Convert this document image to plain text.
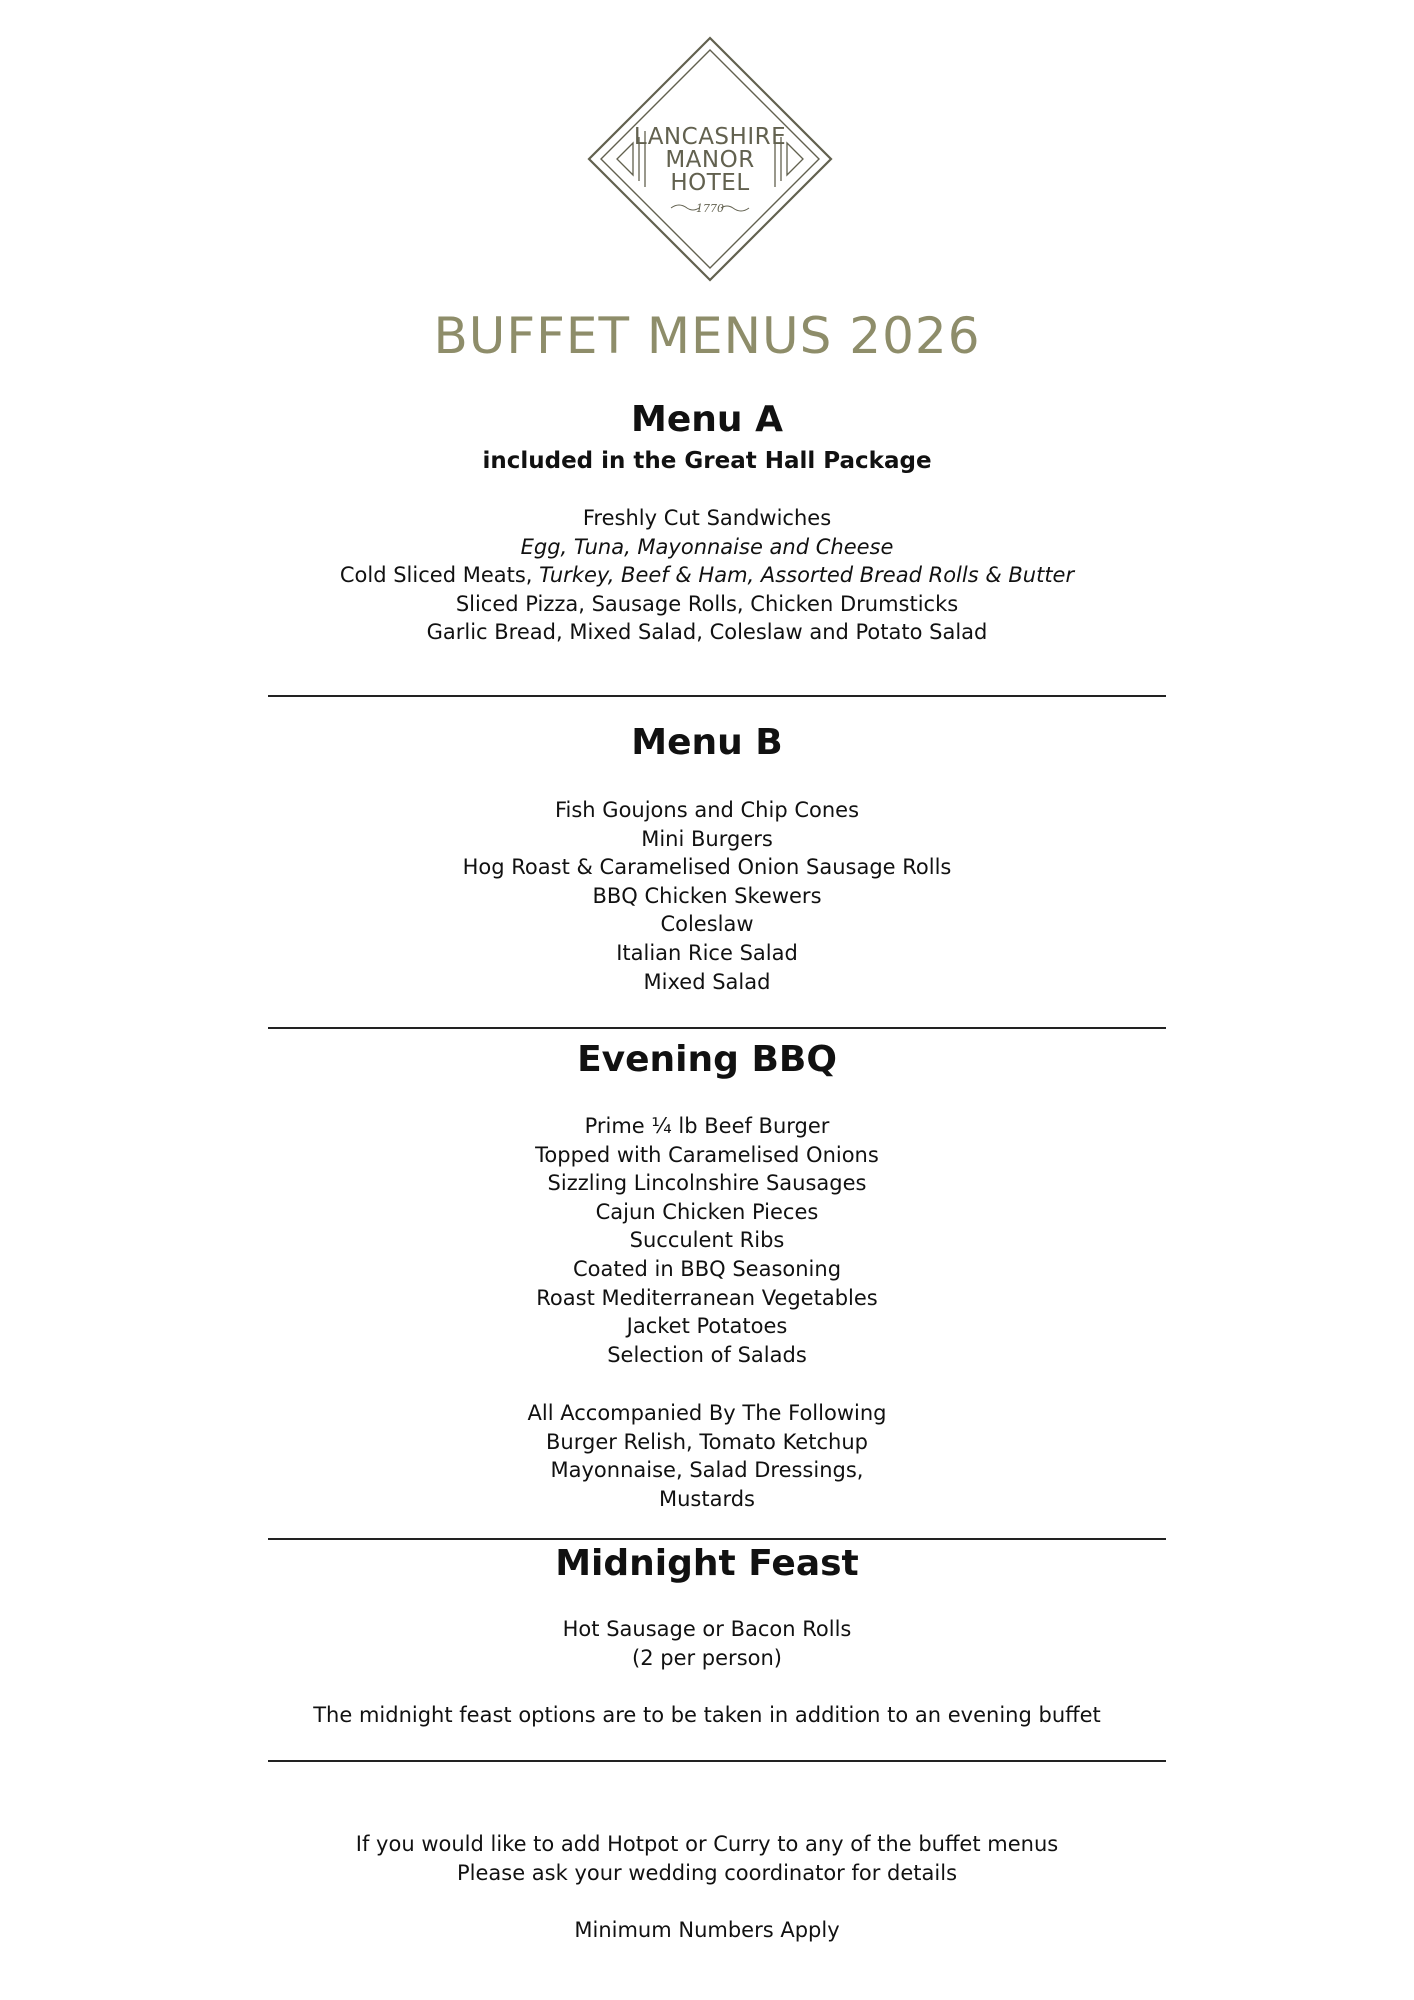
LANCASHIRE
MANOR
HOTEL
1770
BUFFET MENUS 2026
Menu A
included in the Great Hall Package
Freshly Cut Sandwiches
Egg, Tuna, Mayonnaise and Cheese
Cold Sliced Meats, Turkey, Beef & Ham, Assorted Bread Rolls & Butter
Sliced Pizza, Sausage Rolls, Chicken Drumsticks
Garlic Bread, Mixed Salad, Coleslaw and Potato Salad
Menu B
Fish Goujons and Chip Cones
Mini Burgers
Hog Roast & Caramelised Onion Sausage Rolls
BBQ Chicken Skewers
Coleslaw
Italian Rice Salad
Mixed Salad
Evening BBQ
Prime ¼ lb Beef Burger
Topped with Caramelised Onions
Sizzling Lincolnshire Sausages
Cajun Chicken Pieces
Succulent Ribs
Coated in BBQ Seasoning
Roast Mediterranean Vegetables
Jacket Potatoes
Selection of Salads
All Accompanied By The Following
Burger Relish, Tomato Ketchup
Mayonnaise, Salad Dressings,
Mustards
Midnight Feast
Hot Sausage or Bacon Rolls
(2 per person)
The midnight feast options are to be taken in addition to an evening buffet
If you would like to add Hotpot or Curry to any of the buffet menus
Please ask your wedding coordinator for details
Minimum Numbers Apply
